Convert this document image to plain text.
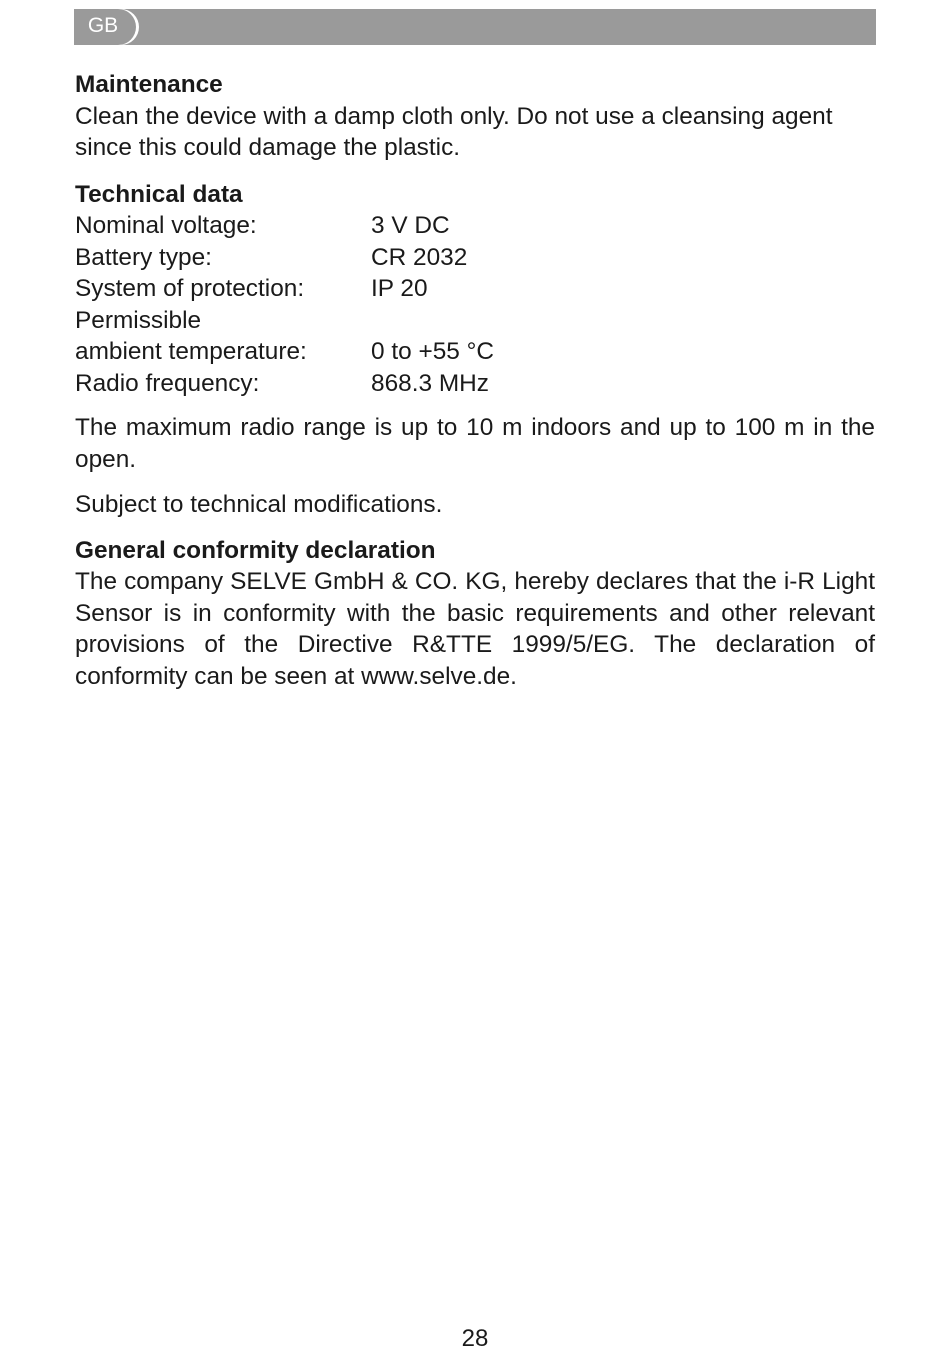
GB

Maintenance

Clean the device with a damp cloth only. Do not use a cleansing agent since this could damage the plastic.

Technical data

Nominal voltage:	3 V DC
Battery type:	CR 2032
System of protection:	IP 20
Permissible	
ambient temperature:	0 to +55 °C
Radio frequency:	868.3 MHz

The maximum radio range is up to 10 m indoors and up to 100 m in the open.

Subject to technical modifications.

General conformity declaration

The company SELVE GmbH & CO. KG, hereby declares that the i-R Light Sensor is in conformity with the basic requirements and other relevant provisions of the Directive R&TTE 1999/5/EG. The declaration of conformity can be seen at www.selve.de.

28
